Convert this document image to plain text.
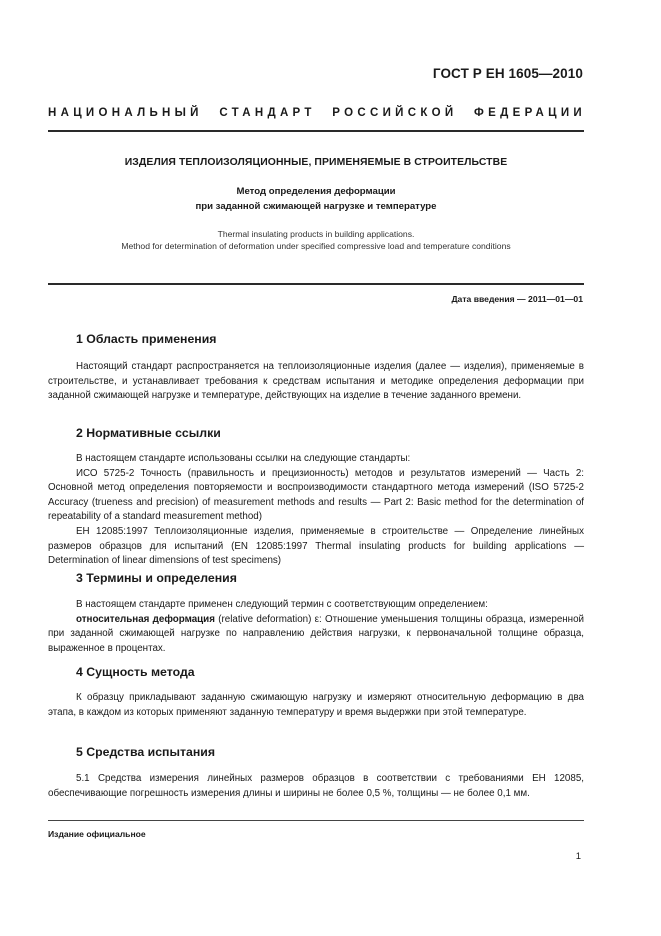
ГОСТ Р ЕН 1605—2010
НАЦИОНАЛЬНЫЙ СТАНДАРТ РОССИЙСКОЙ ФЕДЕРАЦИИ
ИЗДЕЛИЯ ТЕПЛОИЗОЛЯЦИОННЫЕ, ПРИМЕНЯЕМЫЕ В СТРОИТЕЛЬСТВЕ
Метод определения деформации
при заданной сжимающей нагрузке и температуре
Thermal insulating products in building applications.
Method for determination of deformation under specified compressive load and temperature conditions
Дата введения — 2011—01—01
1 Область применения

Настоящий стандарт распространяется на теплоизоляционные изделия (далее — изделия), применяемые в строительстве, и устанавливает требования к средствам испытания и методике определения деформации при заданной сжимающей нагрузке и температуре, действующих на изделие в течение заданного времени.

2 Нормативные ссылки

В настоящем стандарте использованы ссылки на следующие стандарты:

ИСО 5725-2 Точность (правильность и прецизионность) методов и результатов измерений — Часть 2: Основной метод определения повторяемости и воспроизводимости стандартного метода измерений (ISO 5725-2 Accuracy (trueness and precision) of measurement methods and results — Part 2: Basic method for the determination of repeatability of a standard measurement method)

ЕН 12085:1997 Теплоизоляционные изделия, применяемые в строительстве — Определение линейных размеров образцов для испытаний (EN 12085:1997 Thermal insulating products for building applications — Determination of linear dimensions of test specimens)

3 Термины и определения

В настоящем стандарте применен следующий термин с соответствующим определением:

относительная деформация (relative deformation) ε: Отношение уменьшения толщины образца, измеренной при заданной сжимающей нагрузке по направлению действия нагрузки, к первоначальной толщине образца, выраженное в процентах.

4 Сущность метода

К образцу прикладывают заданную сжимающую нагрузку и измеряют относительную деформацию в два этапа, в каждом из которых применяют заданную температуру и время выдержки при этой температуре.

5 Средства испытания

5.1 Средства измерения линейных размеров образцов в соответствии с требованиями ЕН 12085, обеспечивающие погрешность измерения длины и ширины не более 0,5 %, толщины — не более 0,1 мм.

Издание официальное
1
